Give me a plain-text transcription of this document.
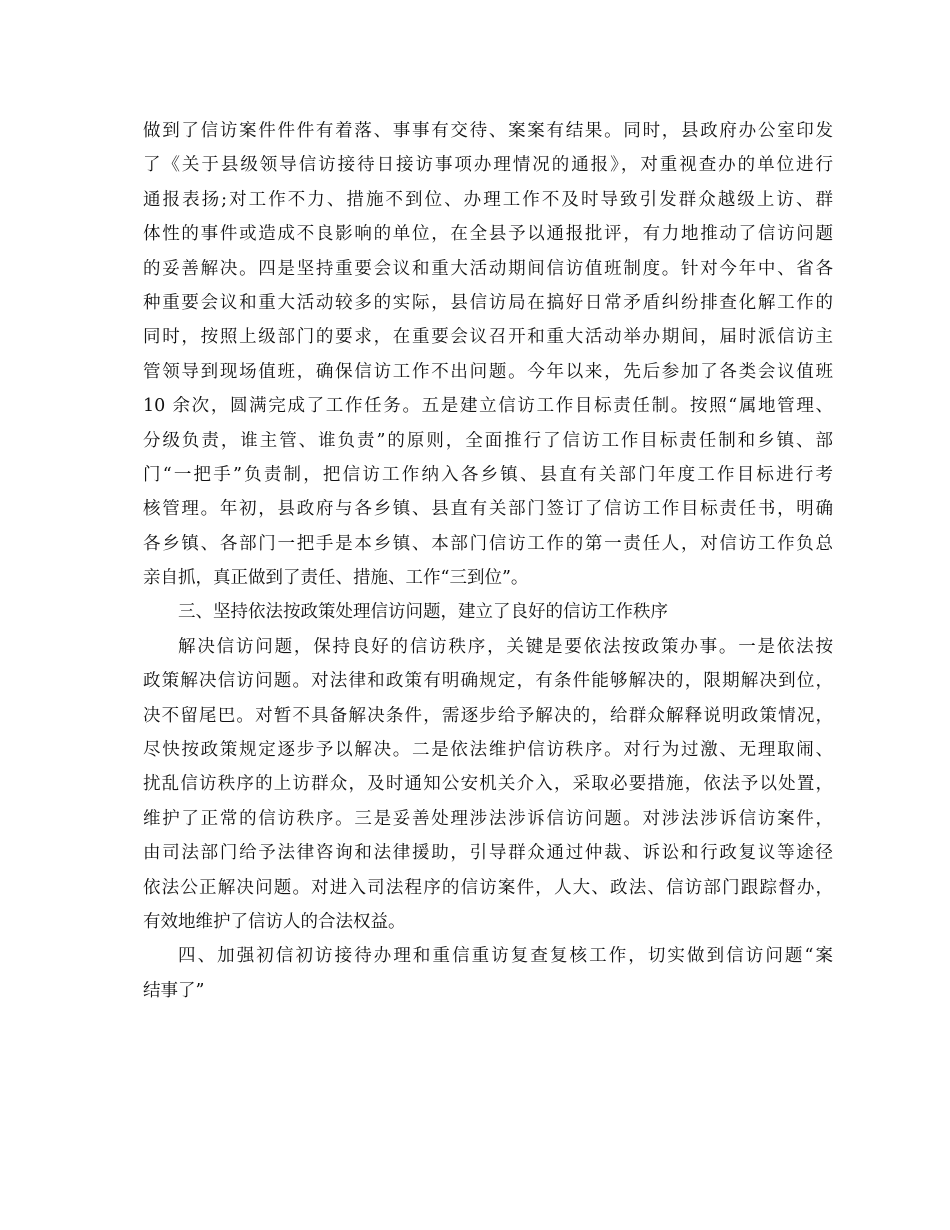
做到了信访案件件件有着落、事事有交待、案案有结果。同时，县政府办公室印发
了《关于县级领导信访接待日接访事项办理情况的通报》，对重视查办的单位进行
通报表扬;对工作不力、措施不到位、办理工作不及时导致引发群众越级上访、群
体性的事件或造成不良影响的单位，在全县予以通报批评，有力地推动了信访问题
的妥善解决。四是坚持重要会议和重大活动期间信访值班制度。针对今年中、省各
种重要会议和重大活动较多的实际，县信访局在搞好日常矛盾纠纷排查化解工作的
同时，按照上级部门的要求，在重要会议召开和重大活动举办期间，届时派信访主
管领导到现场值班，确保信访工作不出问题。今年以来，先后参加了各类会议值班
10 余次，圆满完成了工作任务。五是建立信访工作目标责任制。按照“属地管理、
分级负责，谁主管、谁负责”的原则，全面推行了信访工作目标责任制和乡镇、部
门“一把手”负责制，把信访工作纳入各乡镇、县直有关部门年度工作目标进行考
核管理。年初，县政府与各乡镇、县直有关部门签订了信访工作目标责任书，明确
各乡镇、各部门一把手是本乡镇、本部门信访工作的第一责任人，对信访工作负总
亲自抓，真正做到了责任、措施、工作“三到位”。
三、坚持依法按政策处理信访问题，建立了良好的信访工作秩序
解决信访问题，保持良好的信访秩序，关键是要依法按政策办事。一是依法按
政策解决信访问题。对法律和政策有明确规定，有条件能够解决的，限期解决到位，
决不留尾巴。对暂不具备解决条件，需逐步给予解决的，给群众解释说明政策情况，
尽快按政策规定逐步予以解决。二是依法维护信访秩序。对行为过激、无理取闹、
扰乱信访秩序的上访群众，及时通知公安机关介入，采取必要措施，依法予以处置，
维护了正常的信访秩序。三是妥善处理涉法涉诉信访问题。对涉法涉诉信访案件，
由司法部门给予法律咨询和法律援助，引导群众通过仲裁、诉讼和行政复议等途径
依法公正解决问题。对进入司法程序的信访案件，人大、政法、信访部门跟踪督办，
有效地维护了信访人的合法权益。
四、加强初信初访接待办理和重信重访复查复核工作，切实做到信访问题“案
结事了”
